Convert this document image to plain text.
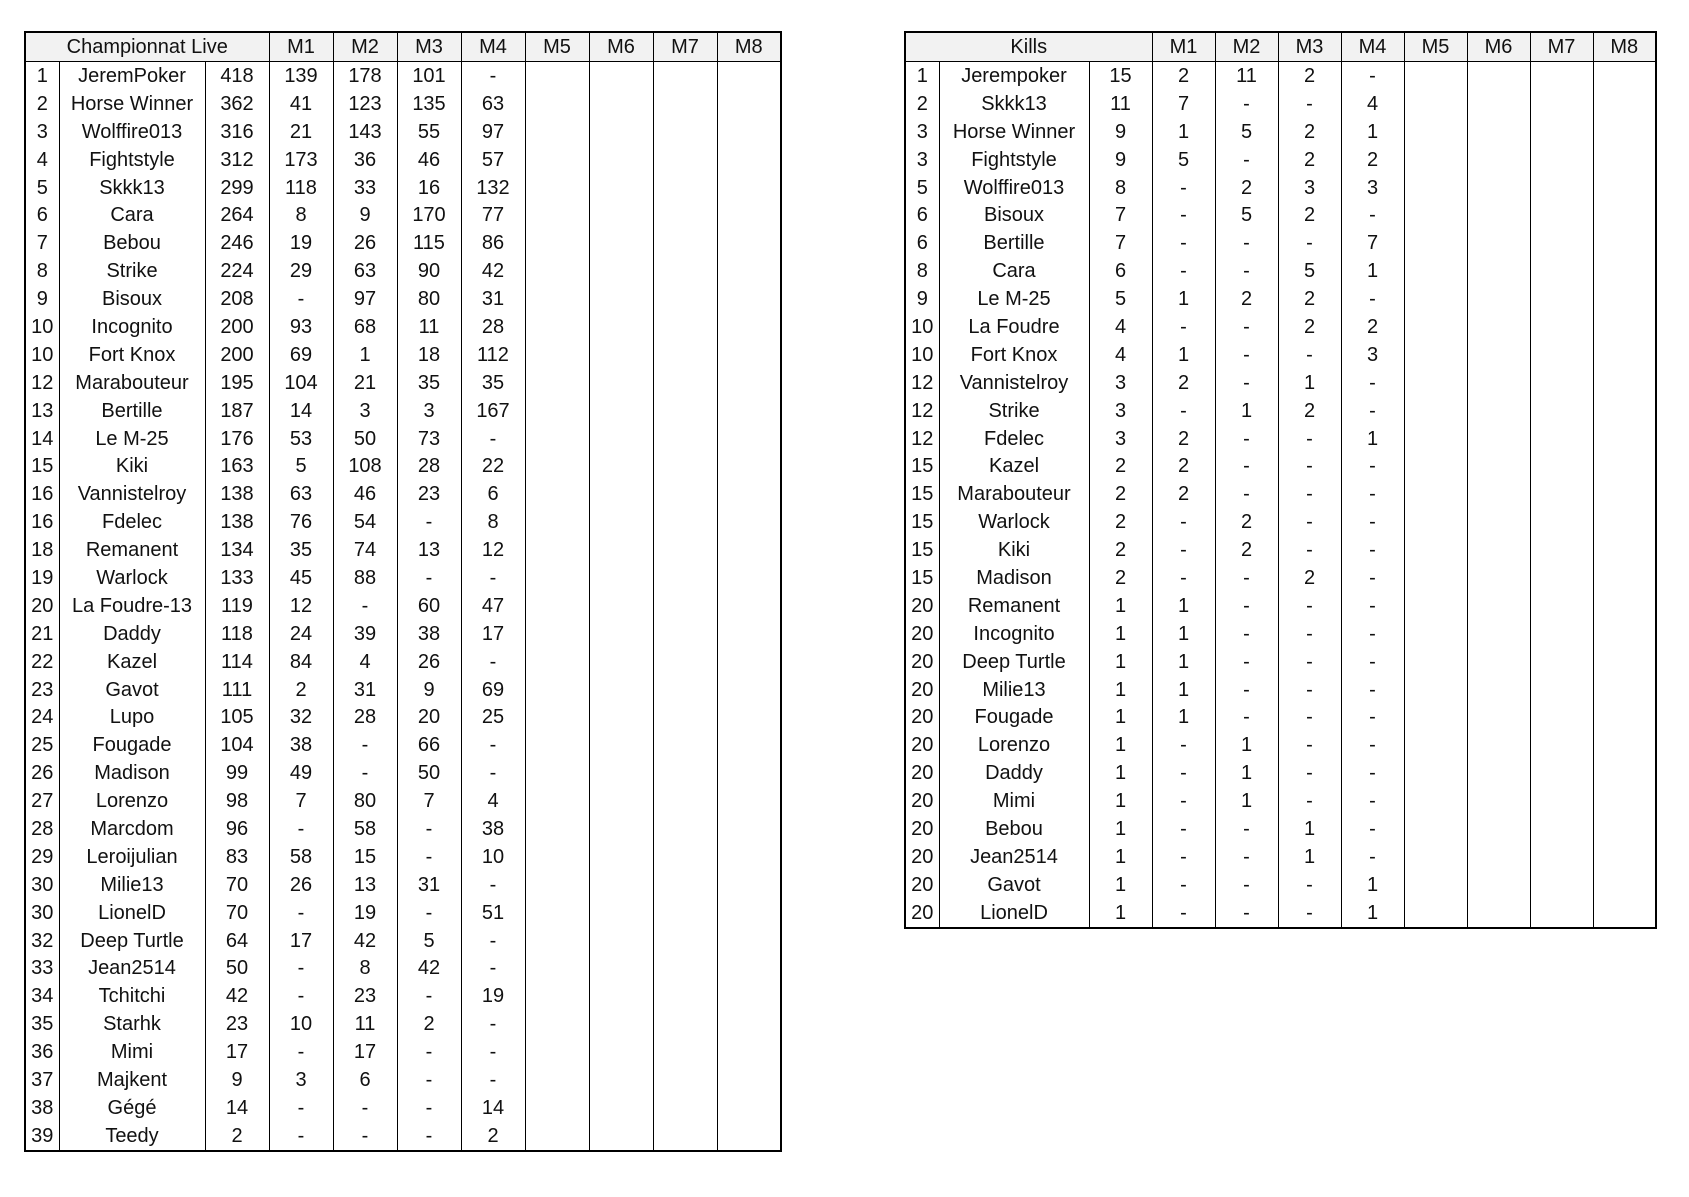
Championnat Live			M1	M2	M3	M4	M5	M6	M7	M8
1	JeremPoker	418	139	178	101	-				
2	Horse Winner	362	41	123	135	63				
3	Wolffire013	316	21	143	55	97				
4	Fightstyle	312	173	36	46	57				
5	Skkk13	299	118	33	16	132				
6	Cara	264	8	9	170	77				
7	Bebou	246	19	26	115	86				
8	Strike	224	29	63	90	42				
9	Bisoux	208	-	97	80	31				
10	Incognito	200	93	68	11	28				
10	Fort Knox	200	69	1	18	112				
12	Marabouteur	195	104	21	35	35				
13	Bertille	187	14	3	3	167				
14	Le M-25	176	53	50	73	-				
15	Kiki	163	5	108	28	22				
16	Vannistelroy	138	63	46	23	6				
16	Fdelec	138	76	54	-	8				
18	Remanent	134	35	74	13	12				
19	Warlock	133	45	88	-	-				
20	La Foudre-13	119	12	-	60	47				
21	Daddy	118	24	39	38	17				
22	Kazel	114	84	4	26	-				
23	Gavot	111	2	31	9	69				
24	Lupo	105	32	28	20	25				
25	Fougade	104	38	-	66	-				
26	Madison	99	49	-	50	-				
27	Lorenzo	98	7	80	7	4				
28	Marcdom	96	-	58	-	38				
29	Leroijulian	83	58	15	-	10				
30	Milie13	70	26	13	31	-				
30	LionelD	70	-	19	-	51				
32	Deep Turtle	64	17	42	5	-				
33	Jean2514	50	-	8	42	-				
34	Tchitchi	42	-	23	-	19				
35	Starhk	23	10	11	2	-				
36	Mimi	17	-	17	-	-				
37	Majkent	9	3	6	-	-				
38	Gégé	14	-	-	-	14				
39	Teedy	2	-	-	-	2				
Kills			M1	M2	M3	M4	M5	M6	M7	M8
1	Jerempoker	15	2	11	2	-				
2	Skkk13	11	7	-	-	4				
3	Horse Winner	9	1	5	2	1				
3	Fightstyle	9	5	-	2	2				
5	Wolffire013	8	-	2	3	3				
6	Bisoux	7	-	5	2	-				
6	Bertille	7	-	-	-	7				
8	Cara	6	-	-	5	1				
9	Le M-25	5	1	2	2	-				
10	La Foudre	4	-	-	2	2				
10	Fort Knox	4	1	-	-	3				
12	Vannistelroy	3	2	-	1	-				
12	Strike	3	-	1	2	-				
12	Fdelec	3	2	-	-	1				
15	Kazel	2	2	-	-	-				
15	Marabouteur	2	2	-	-	-				
15	Warlock	2	-	2	-	-				
15	Kiki	2	-	2	-	-				
15	Madison	2	-	-	2	-				
20	Remanent	1	1	-	-	-				
20	Incognito	1	1	-	-	-				
20	Deep Turtle	1	1	-	-	-				
20	Milie13	1	1	-	-	-				
20	Fougade	1	1	-	-	-				
20	Lorenzo	1	-	1	-	-				
20	Daddy	1	-	1	-	-				
20	Mimi	1	-	1	-	-				
20	Bebou	1	-	-	1	-				
20	Jean2514	1	-	-	1	-				
20	Gavot	1	-	-	-	1				
20	LionelD	1	-	-	-	1				
